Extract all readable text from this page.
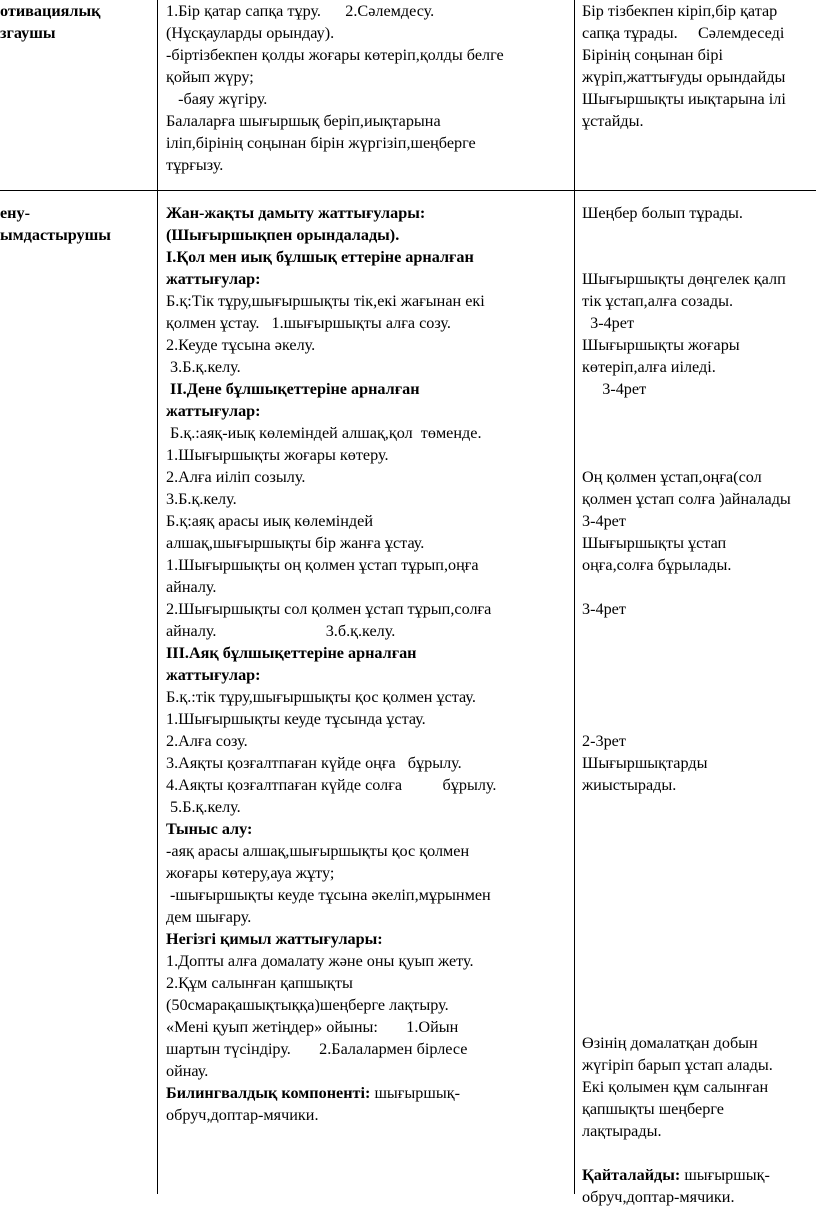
отивациялық
згаушы
1.Бір қатар сапқа тұру.      2.Сәлемдесу.
(Нұсқауларды орындау).
-біртізбекпен қолды жоғары көтеріп,қолды белге
қойып жүру;
-баяу жүгіру.
Балаларға шығыршық беріп,иықтарына
іліп,бірінің соңынан бірін жүргізіп,шеңберге
тұрғызу.
Бір тізбекпен кіріп,бір қатар
сапқа тұрады.     Сәлемдеседі
Бірінің соңынан бірі
жүріп,жаттығуды орындайды
Шығыршықты иықтарына ілі
ұстайды.
ену-
ымдастырушы
Жан-жақты дамыту жаттығулары:
(Шығыршықпен орындалады).
І.Қол мен иық бұлшық еттеріне арналған
жаттығулар:
Б.қ:Тік тұру,шығыршықты тік,екі жағынан екі
қолмен ұстау.   1.шығыршықты алға созу.
2.Кеуде тұсына әкелу.
3.Б.қ.келу.
ІІ.Дене бұлшықеттеріне арналған
жаттығулар:
Б.қ.:аяқ-иық көлеміндей алшақ,қол  төменде.
1.Шығыршықты жоғары көтеру.
2.Алға иіліп созылу.
3.Б.қ.келу.
Б.қ:аяқ арасы иық көлеміндей
алшақ,шығыршықты бір жанға ұстау.
1.Шығыршықты оң қолмен ұстап тұрып,оңға
айналу.
2.Шығыршықты сол қолмен ұстап тұрып,солға
айналу.                           3.б.қ.келу.
ІІІ.Аяқ бұлшықеттеріне арналған
жаттығулар:
Б.қ.:тік тұру,шығыршықты қос қолмен ұстау.
1.Шығыршықты кеуде тұсында ұстау.
2.Алға созу.
3.Аяқты қозғалтпаған күйде оңға   бұрылу.
4.Аяқты қозғалтпаған күйде солға          бұрылу.
5.Б.қ.келу.
Тыныс алу:
-аяқ арасы алшақ,шығыршықты қос қолмен
жоғары көтеру,ауа жұту;
-шығыршықты кеуде тұсына әкеліп,мұрынмен
дем шығару.
Негізгі қимыл жаттығулары:
1.Допты алға домалату және оны қуып жету.
2.Құм салынған қапшықты
(50смарақашықтыққа)шеңберге лақтыру.
«Мені қуып жетіңдер» ойыны:       1.Ойын
шартын түсіндіру.       2.Балалармен бірлесе
ойнау.
Билингвалдық компоненті: шығыршық-
обруч,доптар-мячики.
Шеңбер болып тұрады.
Шығыршықты дөңгелек қалп
тік ұстап,алға созады.
3-4рет
Шығыршықты жоғары
көтеріп,алға иіледі.
3-4рет
Оң қолмен ұстап,оңға(сол
қолмен ұстап солға )айналады
3-4рет
Шығыршықты ұстап
оңға,солға бұрылады.
3-4рет
2-3рет
Шығыршықтарды
жиыстырады.
Өзінің домалатқан добын
жүгіріп барып ұстап алады.
Екі қолымен құм салынған
қапшықты шеңберге
лақтырады.
Қайталайды: шығыршық-
обруч,доптар-мячики.
